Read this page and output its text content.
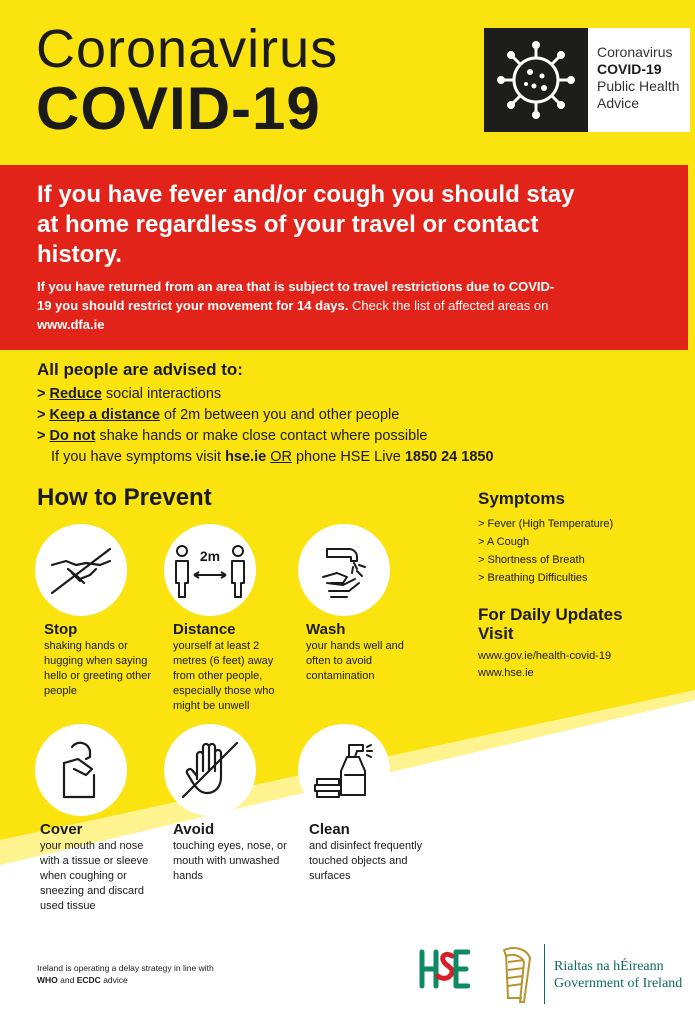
Coronavirus
COVID-19
Coronavirus
COVID-19
Public Health
Advice
If you have fever and/or cough you should stay at home regardless of your travel or contact history.
If you have returned from an area that is subject to travel restrictions due to COVID-19 you should restrict your movement for 14 days. Check the list of affected areas on www.dfa.ie
All people are advised to:
> Reduce social interactions
> Keep a distance of 2m between you and other people
> Do not shake hands or make close contact where possible
If you have symptoms visit hse.ie OR phone HSE Live 1850 24 1850
How to Prevent
Stop
shaking hands or hugging when saying hello or greeting other people
2m
Distance
yourself at least 2 metres (6 feet) away from other people, especially those who might be unwell
Wash
your hands well and often to avoid contamination
Cover
your mouth and nose with a tissue or sleeve when coughing or sneezing and discard used tissue
Avoid
touching eyes, nose, or mouth with unwashed hands
Clean
and disinfect frequently touched objects and surfaces
Symptoms
> Fever (High Temperature)
> A Cough
> Shortness of Breath
> Breathing Difficulties
For Daily Updates Visit
www.gov.ie/health-covid-19
www.hse.ie
Ireland is operating a delay strategy in line with WHO and ECDC advice
Rialtas na hÉireann
Government of Ireland
